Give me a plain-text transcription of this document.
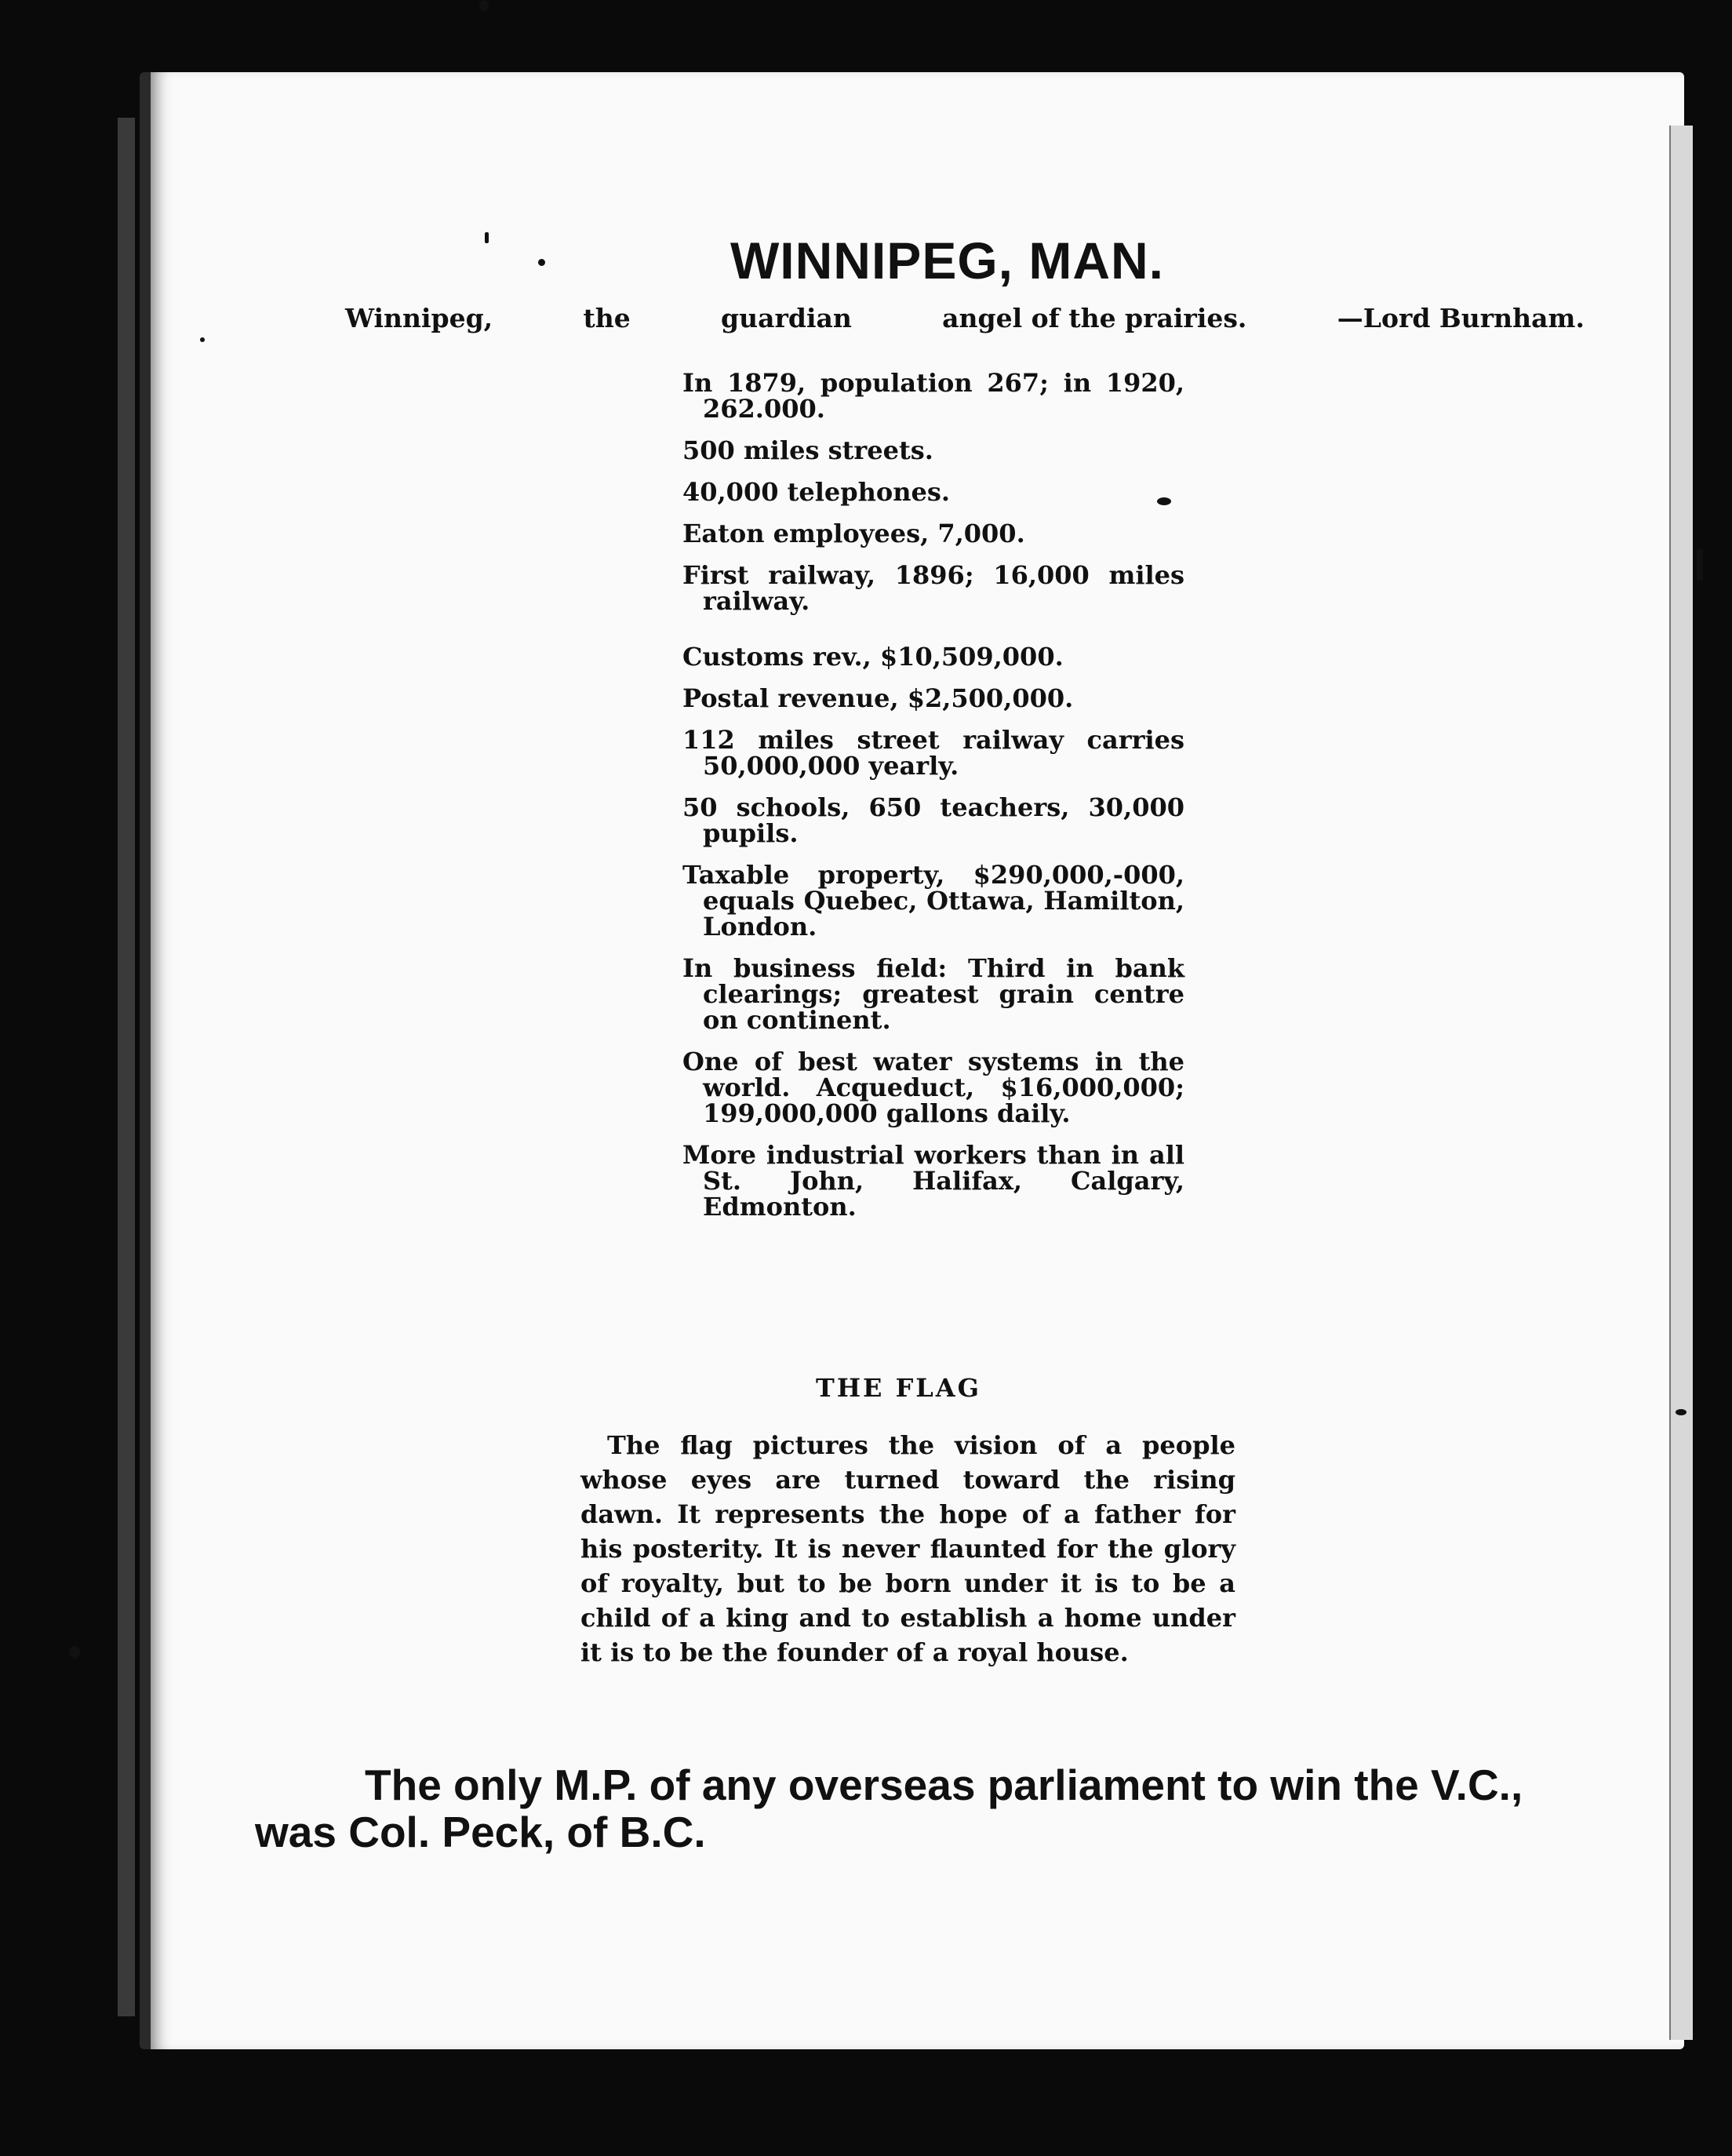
WINNIPEG, MAN.
Winnipeg,	the	guardian	angel of the prairies.	—Lord Burnham.
In 1879, population 267; in 1920, 262.000.
500 miles streets.
40,000 telephones.
Eaton employees, 7,000.
First railway, 1896; 16,000 miles railway.
Customs rev., $10,509,000.
Postal revenue, $2,500,000.
112 miles street railway carries 50,000,000 yearly.
50 schools, 650 teachers, 30,000 pupils.
Taxable property, $290,000,-000, equals Quebec, Ottawa, Hamilton, London.
In business field: Third in bank clearings; greatest grain centre on continent.
One of best water systems in the world. Acqueduct, $16,000,000; 199,000,000 gallons daily.
More industrial workers than in all St. John, Halifax, Calgary, Edmonton.
THE FLAG

The flag pictures the vision of a people whose eyes are turned toward the rising dawn. It represents the hope of a father for his posterity. It is never flaunted for the glory of royalty, but to be born under it is to be a child of a king and to establish a home under it is to be the founder of a royal house.

The only M.P. of any overseas parliament to win the V.C., was Col. Peck, of B.C.
